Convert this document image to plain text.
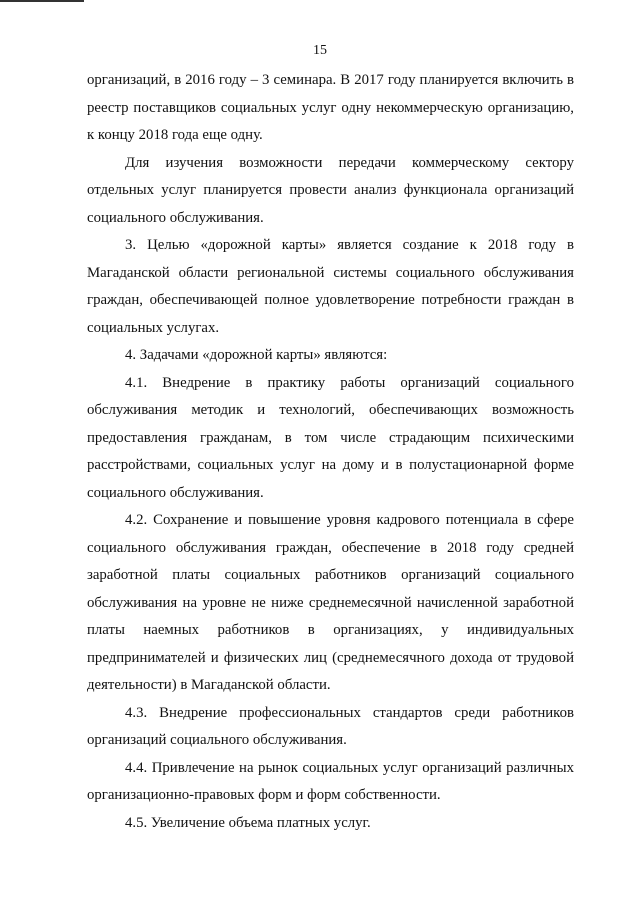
15

организаций, в 2016 году – 3 семинара. В 2017 году планируется включить в реестр поставщиков социальных услуг одну некоммерческую организацию, к концу 2018 года еще одну.

Для изучения возможности передачи коммерческому сектору отдельных услуг планируется провести анализ функционала организаций социального обслуживания.

3. Целью «дорожной карты» является создание к 2018 году в Магаданской области региональной системы социального обслуживания граждан, обеспечивающей полное удовлетворение потребности граждан в социальных услугах.

4. Задачами «дорожной карты» являются:

4.1. Внедрение в практику работы организаций социального обслуживания методик и технологий, обеспечивающих возможность предоставления гражданам, в том числе страдающим психическими расстройствами, социальных услуг на дому и в полустационарной форме социального обслуживания.

4.2. Сохранение и повышение уровня кадрового потенциала в сфере социального обслуживания граждан, обеспечение в 2018 году средней заработной платы социальных работников организаций социального обслуживания на уровне не ниже среднемесячной начисленной заработной платы наемных работников в организациях, у индивидуальных предпринимателей и физических лиц (среднемесячного дохода от трудовой деятельности) в Магаданской области.

4.3. Внедрение профессиональных стандартов среди работников организаций социального обслуживания.

4.4. Привлечение на рынок социальных услуг организаций различных организационно-правовых форм и форм собственности.

4.5. Увеличение объема платных услуг.
